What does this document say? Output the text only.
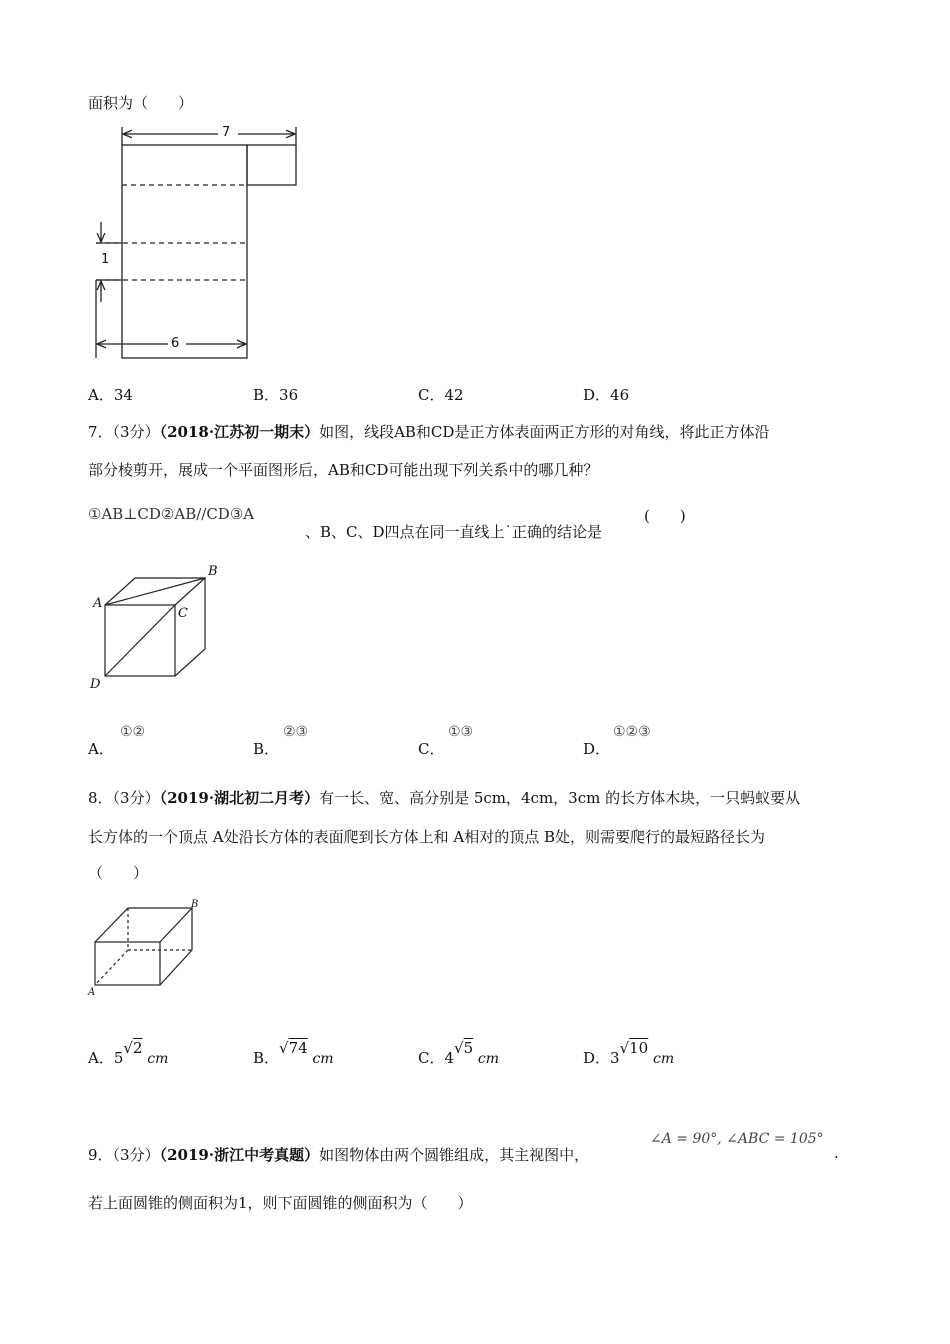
面积为（　　）
7
1
6
A．34	B．36	C．42	D．46
7．（3分）（2018·江苏初一期末）如图，线段AB和CD是正方体表面两正方形的对角线，将此正方体沿
部分棱剪开，展成一个平面图形后，AB和CD可能出现下列关系中的哪几种？
①AB⊥CD②AB//CD③A
、B、C、D四点在同一直线上˙正确的结论是
(　　)
A
B
C
D
A．
①②
B．
②③
C．
①③
D．
①②③
8．（3分）（2019·湖北初二月考）有一长、宽、高分别是 5cm，4cm，3cm 的长方体木块，一只蚂蚁要从
长方体的一个顶点 A处沿长方体的表面爬到长方体上和 A相对的顶点 B处，则需要爬行的最短路径长为
（　　）
B
A
A．5√2 cm	B．√74 cm	C．4√5 cm	D．3√10 cm
9．（3分）（2019·浙江中考真题）如图物体由两个圆锥组成，其主视图中，
∠A = 90°, ∠ABC = 105°
.
若上面圆锥的侧面积为1，则下面圆锥的侧面积为（　　）
